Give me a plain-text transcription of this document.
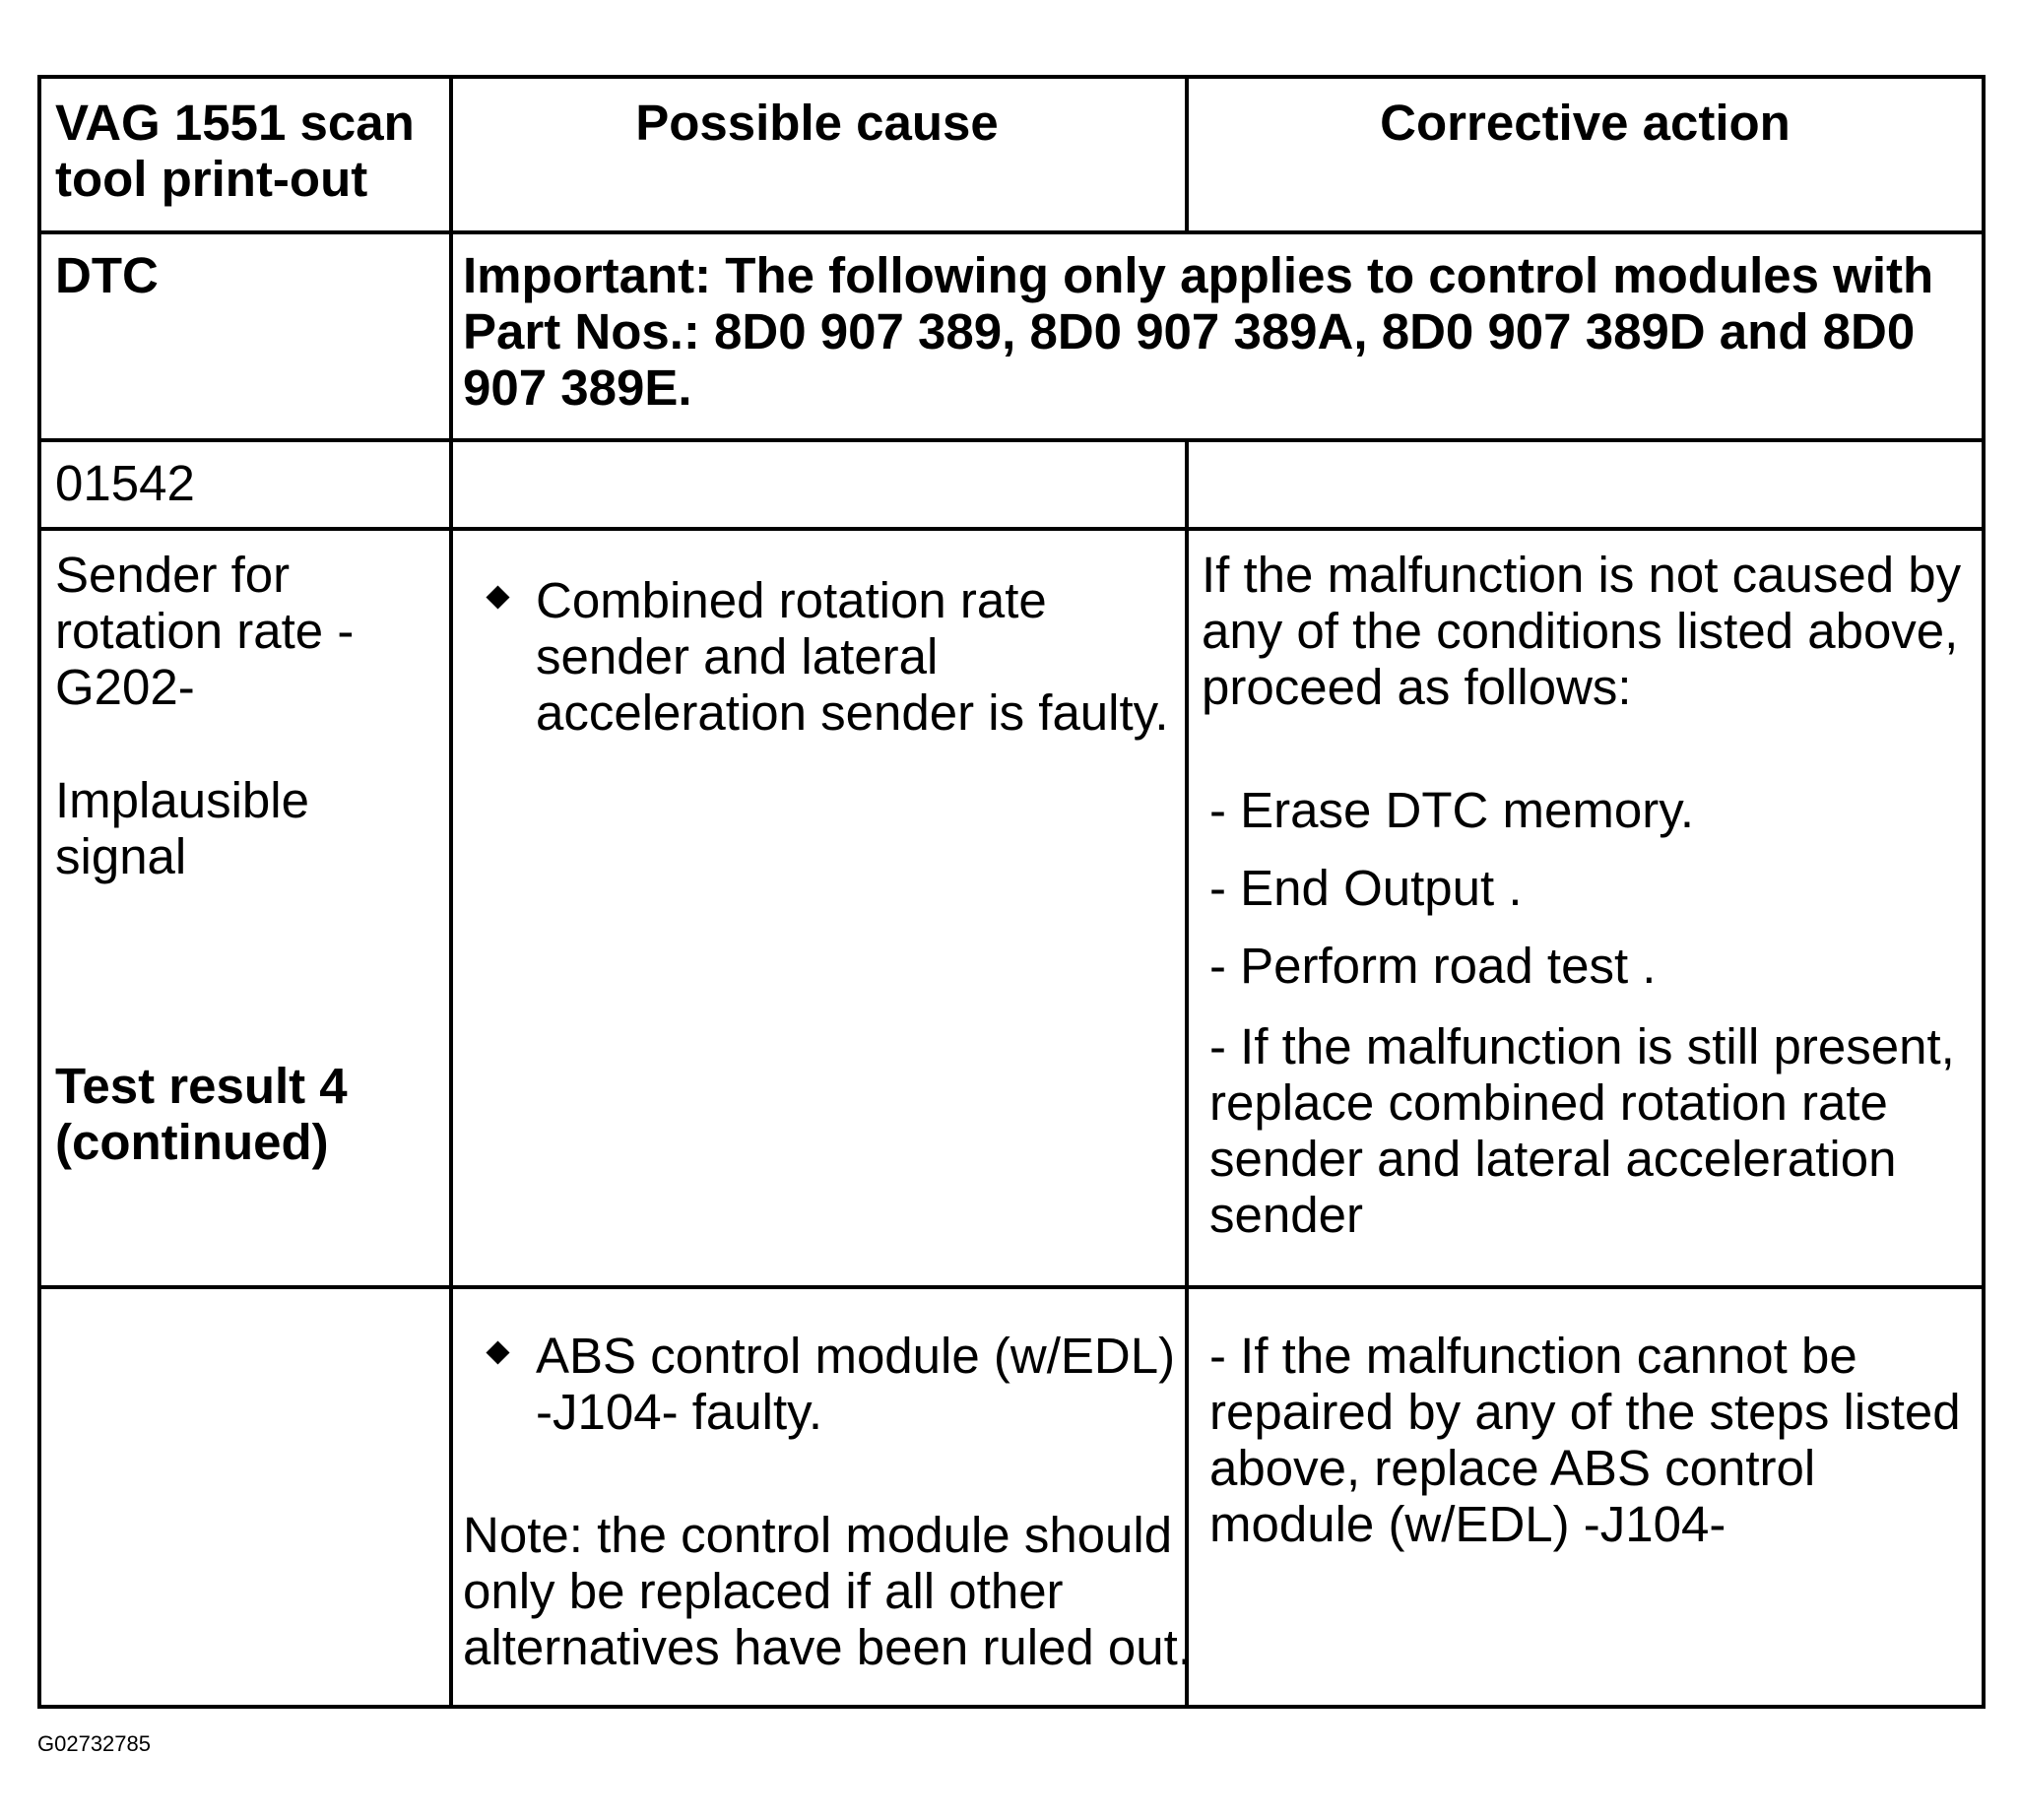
VAG 1551 scan
tool print-out
Possible cause	Corrective action
DTC	Important: The following only applies to control modules with
Part Nos.: 8D0 907 389, 8D0 907 389A, 8D0 907 389D and 8D0
907 389E.
01542
Sender for
rotation rate -
G202-
Implausible
signal
Test result 4
(continued)
Combined rotation rate
sender and lateral
acceleration sender is faulty.
If the malfunction is not caused by
any of the conditions listed above,
proceed as follows:
- Erase DTC memory.
- End Output .
- Perform road test .
- If the malfunction is still present,
replace combined rotation rate
sender and lateral acceleration
sender
ABS control module (w/EDL)
-J104- faulty.
Note: the control module should
only be replaced if all other
alternatives have been ruled out.
- If the malfunction cannot be
repaired by any of the steps listed
above, replace ABS control
module (w/EDL) -J104-
G02732785
